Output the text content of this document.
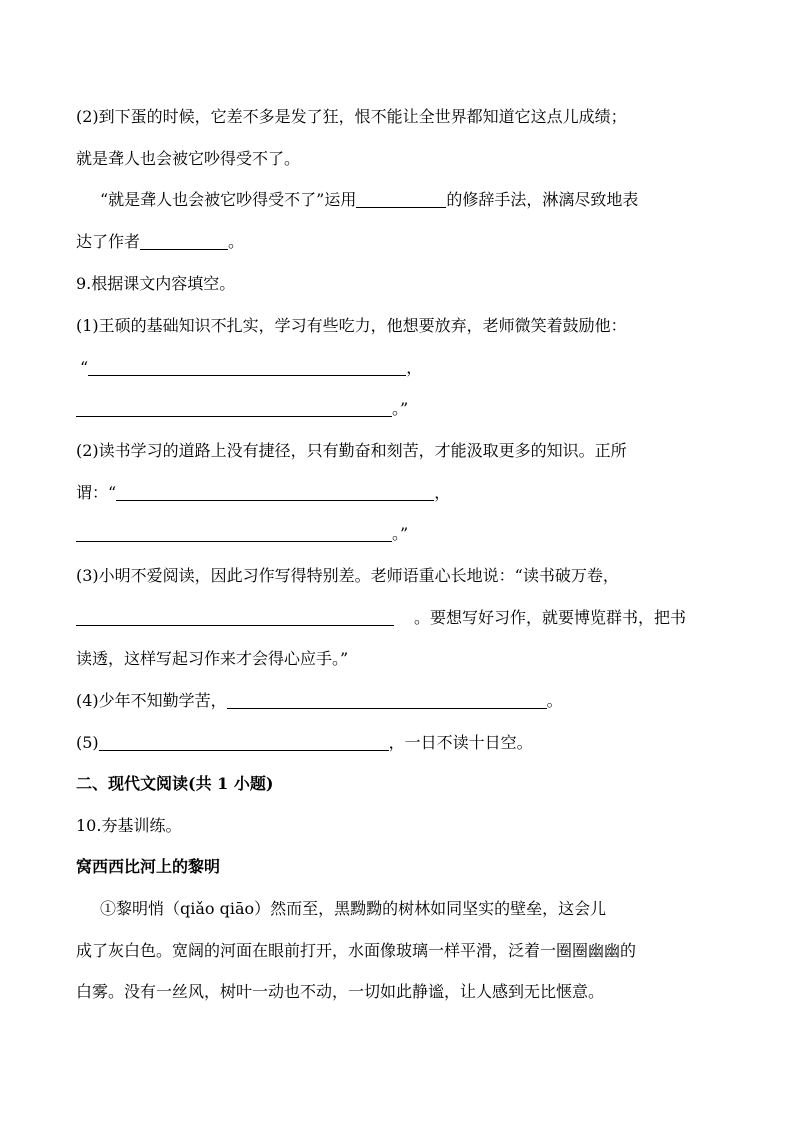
(2)到下蛋的时候，它差不多是发了狂，恨不能让全世界都知道它这点儿成绩；
就是聋人也会被它吵得受不了。
“就是聋人也会被它吵得受不了”运用	的修辞手法，淋漓尽致地表
达了作者	。
9.根据课文内容填空。
(1)王硕的基础知识不扎实，学习有些吃力，他想要放弃，老师微笑着鼓励他：
“	，
。”
(2)读书学习的道路上没有捷径，只有勤奋和刻苦，才能汲取更多的知识。正所
谓：“	，
。”
(3)小明不爱阅读，因此习作写得特别差。老师语重心长地说：“读书破万卷，
。要想写好习作，就要博览群书，把书
读透，这样写起习作来才会得心应手。”
(4)少年不知勤学苦，	。
(5)	，一日不读十日空。
二、现代文阅读(共 1 小题)
10.夯基训练。
窝西西比河上的黎明
①黎明悄（qiǎo qiāo）然而至，黑黝黝的树林如同坚实的壁垒，这会儿
成了灰白色。宽阔的河面在眼前打开，水面像玻璃一样平滑，泛着一圈圈幽幽的
白雾。没有一丝风，树叶一动也不动，一切如此静谧，让人感到无比惬意。
